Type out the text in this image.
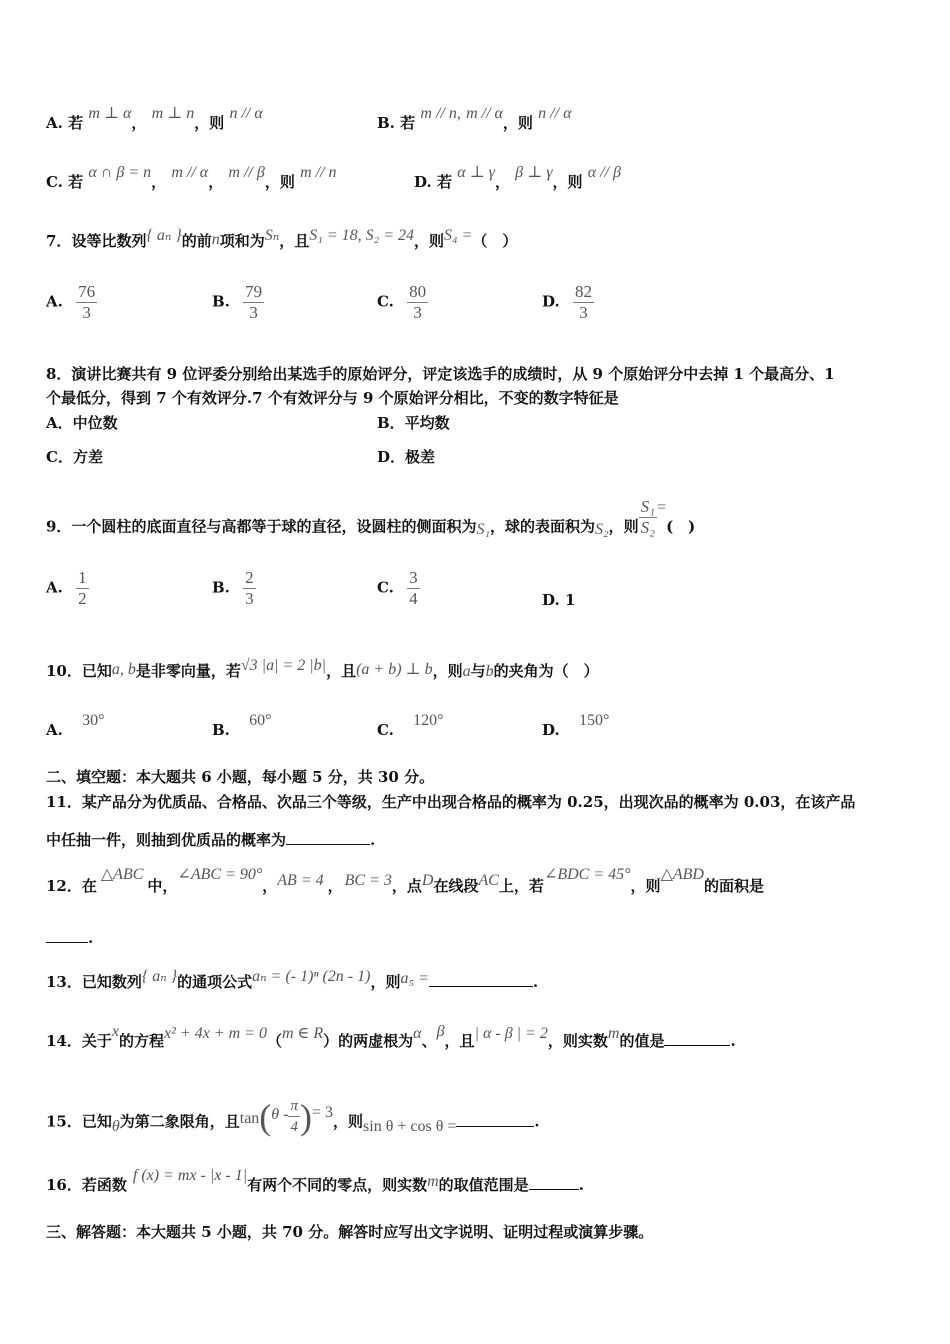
A. 若 m ⊥ α， m ⊥ n，则 n // α
B. 若 m // n, m // α，则 n // α
C. 若 α ∩ β = n， m // α， m // β，则 m // n
D. 若 α ⊥ γ， β ⊥ γ，则 α // β
7．设等比数列{ aₙ }的前n项和为Sₙ，且S₁ = 18, S₂ = 24，则S₄ =（　）
A. $\frac{76}{3}$	B. $\frac{79}{3}$	C. $\frac{80}{3}$	D. $\frac{82}{3}$
8．演讲比赛共有 9 位评委分别给出某选手的原始评分，评定该选手的成绩时，从 9 个原始评分中去掉 1 个最高分、1
个最低分，得到 7 个有效评分.7 个有效评分与 9 个原始评分相比，不变的数字特征是
A．中位数	B．平均数
C．方差	D．极差
9．一个圆柱的底面直径与高都等于球的直径，设圆柱的侧面积为S₁，球的表面积为S₂，则 $\frac{\text{S₁}}{\text{S₂}}$ =(　)
A. $\frac{1}{2}$	B. $\frac{2}{3}$	C. $\frac{3}{4}$	D. 1
10．已知a, b是非零向量，若√3 |a| = 2 |b|，且(a + b) ⊥ b，则a与b的夹角为（　）
A. 30°
B. 60°
C. 120°
D. 150°
二、填空题：本大题共 6 小题，每小题 5 分，共 30 分。
11．某产品分为优质品、合格品、次品三个等级，生产中出现合格品的概率为 0.25，出现次品的概率为 0.03，在该产品
中任抽一件，则抽到优质品的概率为	.
12．在△ABC中，∠ABC = 90°，AB = 4 ， BC = 3，点D在线段AC上，若∠BDC = 45°，则△ABD的面积是
.
13．已知数列{ aₙ }的通项公式aₙ = (- 1)ⁿ (2n - 1)，则a₅ =	.
14．关于x的方程x² + 4x + m = 0（m ∈ R）的两虚根为α、β，且| α - β | = 2，则实数m的值是	.
15．已知θ为第二象限角，且$\tan(\theta - \frac{\pi}{4}$ )= 3，则sin θ + cos θ =	.
16．若函数f (x) = mx - |x - 1|有两个不同的零点，则实数m的取值范围是	.
三、解答题：本大题共 5 小题，共 70 分。解答时应写出文字说明、证明过程或演算步骤。
